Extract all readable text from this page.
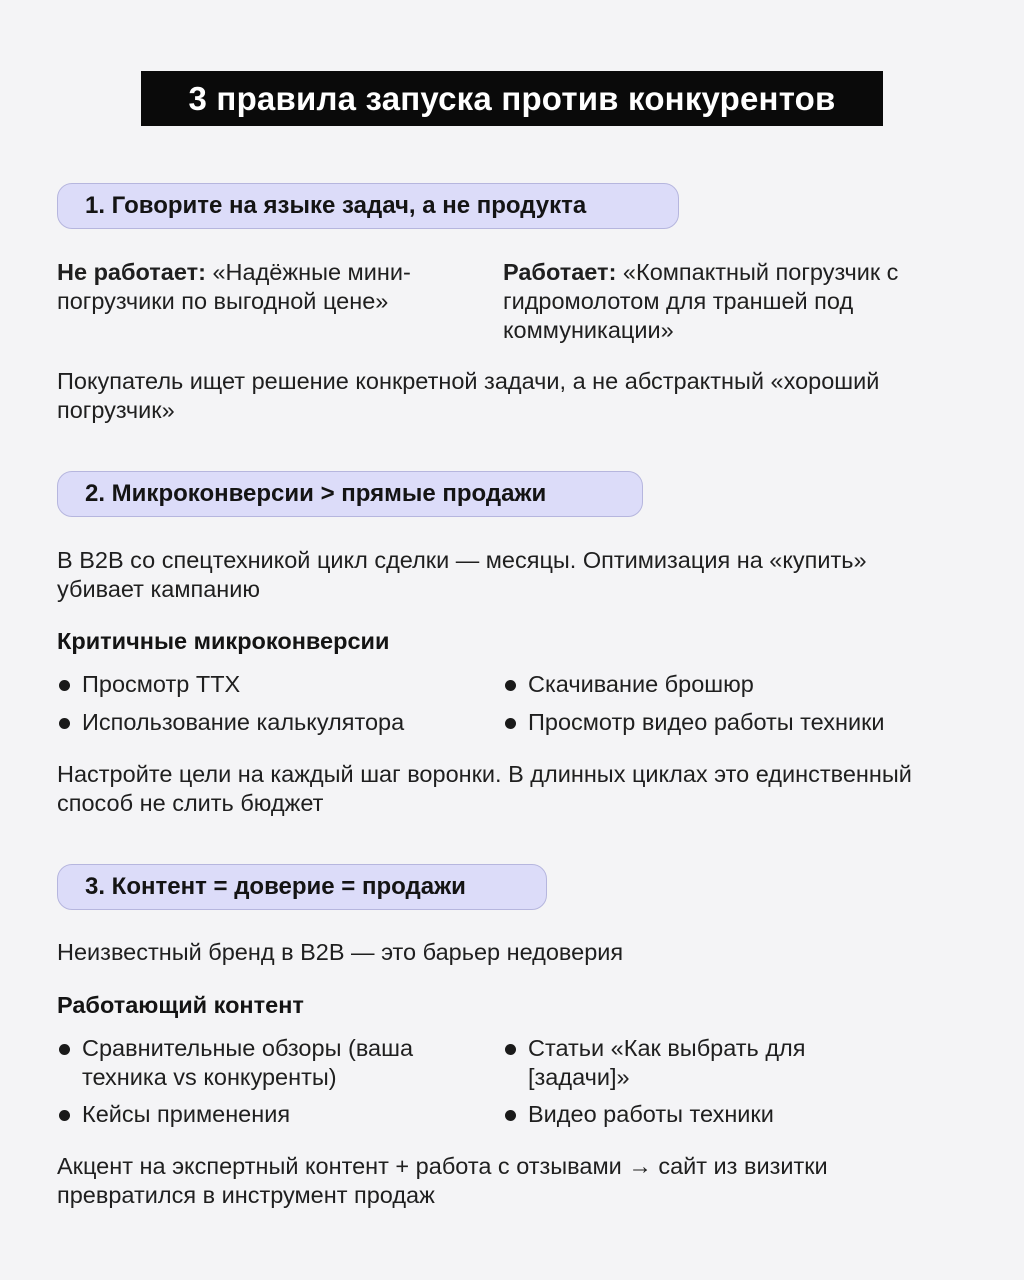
3 правила запуска против конкурентов
1. Говорите на языке задач, а не продукта
Не работает: «Надёжные мини-погрузчики по выгодной цене»
Работает: «Компактный погрузчик с гидромолотом для траншей под коммуникации»
Покупатель ищет решение конкретной задачи, а не абстрактный «хороший погрузчик»
2. Микроконверсии > прямые продажи
В B2B со спецтехникой цикл сделки — месяцы. Оптимизация на «купить» убивает кампанию
Критичные микроконверсии
Просмотр ТТХ	Скачивание брошюр
Использование калькулятора	Просмотр видео работы техники
Настройте цели на каждый шаг воронки. В длинных циклах это единственный способ не слить бюджет
3. Контент = доверие = продажи
Неизвестный бренд в B2B — это барьер недоверия
Работающий контент
Сравнительные обзоры (ваша техника vs конкуренты)
Статьи «Как выбрать для [задачи]»
Кейсы применения	Видео работы техники
Акцент на экспертный контент + работа с отзывами → сайт из визитки превратился в инструмент продаж
